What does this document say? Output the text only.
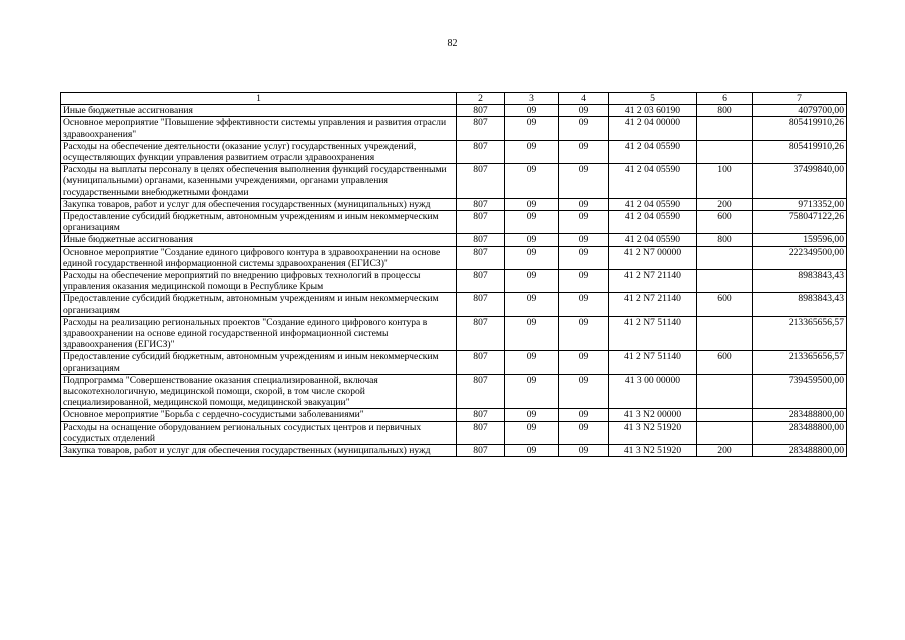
82
1	2	3	4	5	6	7
Иные бюджетные ассигнования	807	09	09	41 2 03 60190	800	4079700,00
Основное мероприятие "Повышение эффективности системы управления и развития отрасли здравоохранения"	807	09	09	41 2 04 00000		805419910,26
Расходы на обеспечение деятельности (оказание услуг) государственных учреждений, осуществляющих функции управления развитием отрасли здравоохранения	807	09	09	41 2 04 05590		805419910,26
Расходы на выплаты персоналу в целях обеспечения выполнения функций государственными (муниципальными) органами, казенными учреждениями, органами управления государственными внебюджетными фондами	807	09	09	41 2 04 05590	100	37499840,00
Закупка товаров, работ и услуг для обеспечения государственных (муниципальных) нужд	807	09	09	41 2 04 05590	200	9713352,00
Предоставление субсидий бюджетным, автономным учреждениям и иным некоммерческим организациям	807	09	09	41 2 04 05590	600	758047122,26
Иные бюджетные ассигнования	807	09	09	41 2 04 05590	800	159596,00
Основное мероприятие "Создание единого цифрового контура в здравоохранении на основе единой государственной информационной системы здравоохранения (ЕГИСЗ)"	807	09	09	41 2 N7 00000		222349500,00
Расходы на обеспечение мероприятий по внедрению цифровых технологий в процессы управления оказания медицинской помощи в Республике Крым	807	09	09	41 2 N7 21140		8983843,43
Предоставление субсидий бюджетным, автономным учреждениям и иным некоммерческим организациям	807	09	09	41 2 N7 21140	600	8983843,43
Расходы на реализацию региональных проектов "Создание единого цифрового контура в здравоохранении на основе единой государственной информационной системы здравоохранения (ЕГИСЗ)"	807	09	09	41 2 N7 51140		213365656,57
Предоставление субсидий бюджетным, автономным учреждениям и иным некоммерческим организациям	807	09	09	41 2 N7 51140	600	213365656,57
Подпрограмма "Совершенствование оказания специализированной, включая высокотехнологичную, медицинской помощи, скорой, в том числе скорой специализированной, медицинской помощи, медицинской эвакуации"	807	09	09	41 3 00 00000		739459500,00
Основное мероприятие "Борьба с сердечно-сосудистыми заболеваниями"	807	09	09	41 3 N2 00000		283488800,00
Расходы на оснащение оборудованием региональных сосудистых центров и первичных сосудистых отделений	807	09	09	41 3 N2 51920		283488800,00
Закупка товаров, работ и услуг для обеспечения государственных (муниципальных) нужд	807	09	09	41 3 N2 51920	200	283488800,00
